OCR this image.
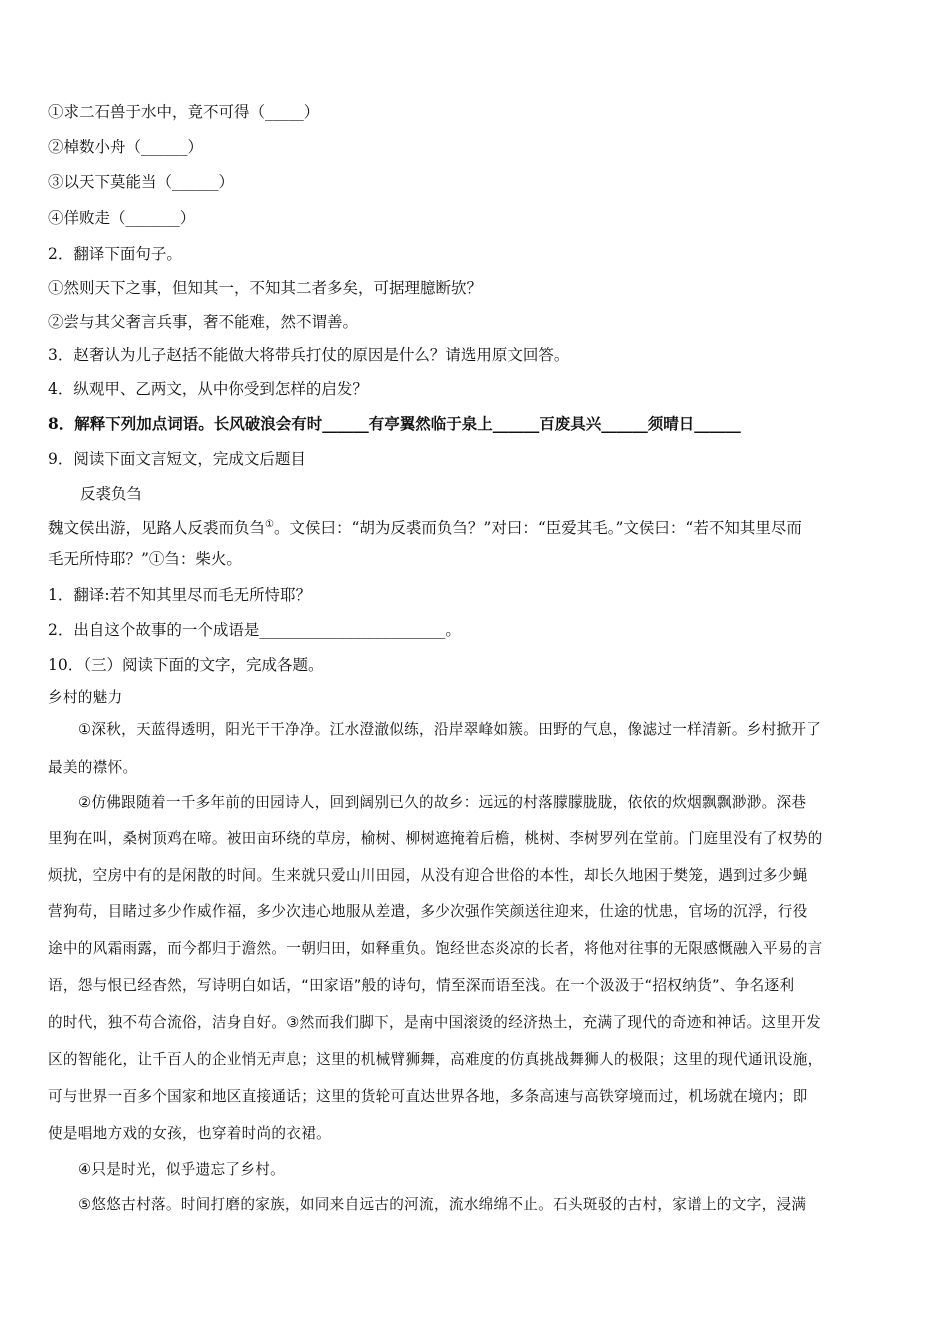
①求二石兽于水中，竟不可得（_____）
②棹数小舟（______）
③以天下莫能当（______）
④佯败走（_______）
2．翻译下面句子。
①然则天下之事，但知其一，不知其二者多矣，可据理臆断欤？
②尝与其父奢言兵事，奢不能难，然不谓善。
3．赵奢认为儿子赵括不能做大将带兵打仗的原因是什么？请选用原文回答。
4．纵观甲、乙两文，从中你受到怎样的启发？
8．解释下列加点词语。长风破浪会有时______有亭翼然临于泉上______百废具兴______须晴日______
9．阅读下面文言短文，完成文后题目
反裘负刍
魏文侯出游，见路人反裘而负刍①。文侯曰：“胡为反裘而负刍？”对曰：“臣爱其毛。”文侯曰：“若不知其里尽而
毛无所恃耶？”①刍：柴火。
1．翻译:若不知其里尽而毛无所恃耶？
2．出自这个故事的一个成语是________________________。
10．（三）阅读下面的文字，完成各题。
乡村的魅力
①深秋，天蓝得透明，阳光干干净净。江水澄澈似练，沿岸翠峰如簇。田野的气息，像滤过一样清新。乡村掀开了
最美的襟怀。
②仿佛跟随着一千多年前的田园诗人，回到阔别已久的故乡：远远的村落朦朦胧胧，依依的炊烟飘飘渺渺。深巷
里狗在叫，桑树顶鸡在啼。被田亩环绕的草房，榆树、柳树遮掩着后檐，桃树、李树罗列在堂前。门庭里没有了权势的
烦扰，空房中有的是闲散的时间。生来就只爱山川田园，从没有迎合世俗的本性，却长久地困于樊笼，遇到过多少蝇
营狗苟，目睹过多少作威作福，多少次违心地服从差遣，多少次强作笑颜送往迎来，仕途的忧患，官场的沉浮，行役
途中的风霜雨露，而今都归于澹然。一朝归田，如释重负。饱经世态炎凉的长者，将他对往事的无限感慨融入平易的言
语，怨与恨已经杳然，写诗明白如话，“田家语”般的诗句，情至深而语至浅。在一个汲汲于“招权纳货”、争名逐利
的时代，独不苟合流俗，洁身自好。③然而我们脚下，是南中国滚烫的经济热土，充满了现代的奇迹和神话。这里开发
区的智能化，让千百人的企业悄无声息；这里的机械臂狮舞，高难度的仿真挑战舞狮人的极限；这里的现代通讯设施，
可与世界一百多个国家和地区直接通话；这里的货轮可直达世界各地，多条高速与高铁穿境而过，机场就在境内；即
使是唱地方戏的女孩，也穿着时尚的衣裙。
④只是时光，似乎遗忘了乡村。
⑤悠悠古村落。时间打磨的家族，如同来自远古的河流，流水绵绵不止。石头斑驳的古村，家谱上的文字，浸满
